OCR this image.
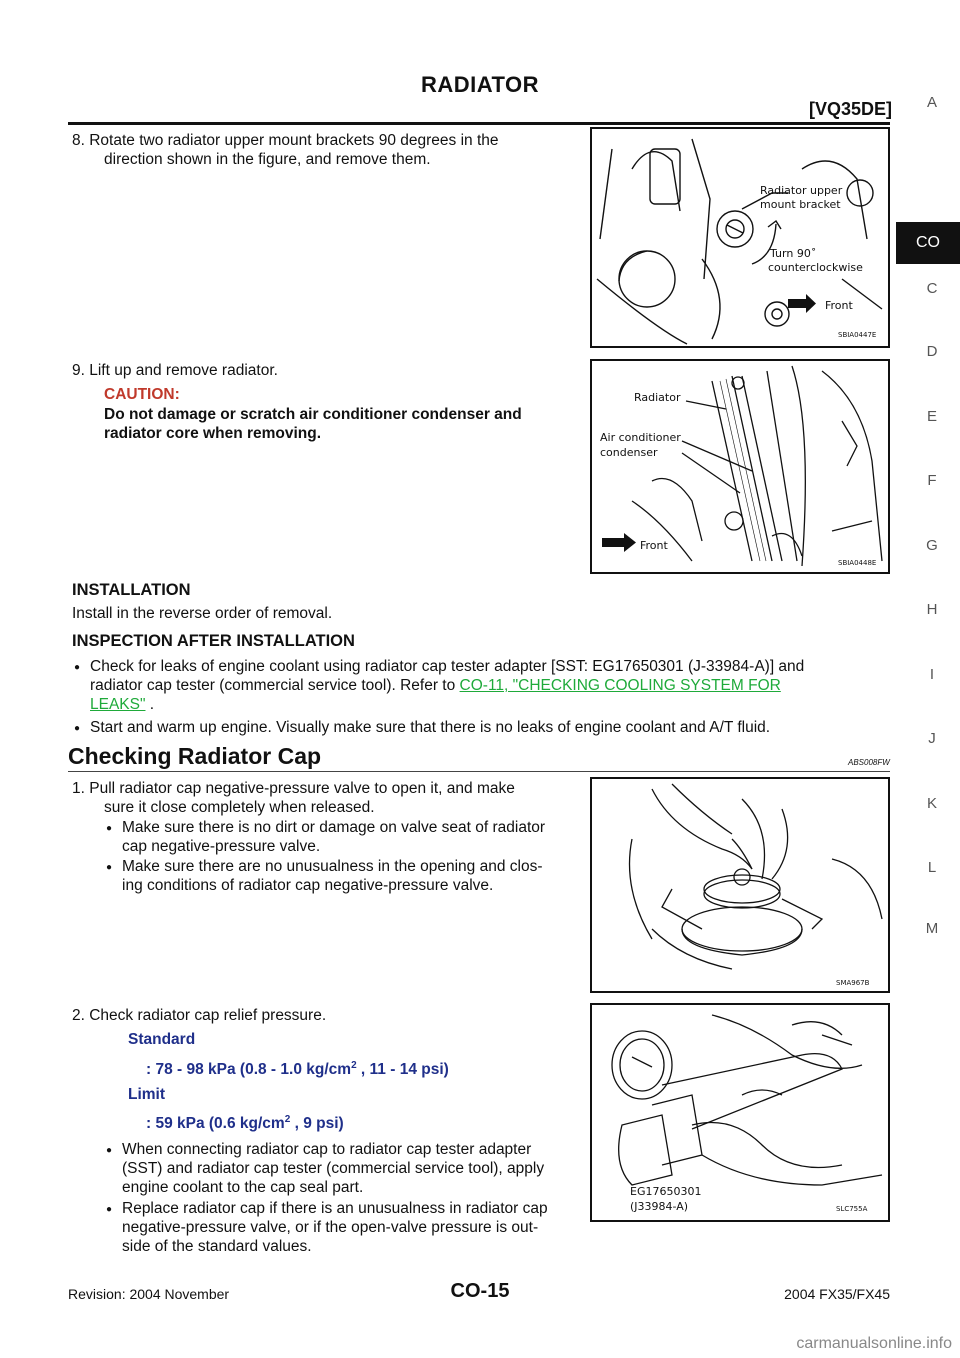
RADIATOR
[VQ35DE]	A
CO
C
D
E
F
G
H
I
J
K
L
M
8. Rotate two radiator upper mount brackets 90 degrees in the
direction shown in the figure, and remove them.
Radiator upper
mount bracket
Turn 90˚
counterclockwise
Front
SBIA0447E
9. Lift up and remove radiator.
CAUTION:
Do not damage or scratch air conditioner condenser and
radiator core when removing.
Radiator
Air conditioner
condenser
Front
SBIA0448E
INSTALLATION
Install in the reverse order of removal.
INSPECTION AFTER INSTALLATION
● Check for leaks of engine coolant using radiator cap tester adapter [SST: EG17650301 (J-33984-A)] and
radiator cap tester (commercial service tool). Refer to CO-11, "CHECKING COOLING SYSTEM FOR
LEAKS" .
● Start and warm up engine. Visually make sure that there is no leaks of engine coolant and A/T fluid.
Checking Radiator Cap	ABS008FW
1. Pull radiator cap negative-pressure valve to open it, and make
sure it close completely when released.
● Make sure there is no dirt or damage on valve seat of radiator
cap negative-pressure valve.
● Make sure there are no unusualness in the opening and clos-
ing conditions of radiator cap negative-pressure valve.
SMA967B
2. Check radiator cap relief pressure.
Standard
: 78 - 98 kPa (0.8 - 1.0 $kg/cm^2$ , 11 - 14 psi)
Limit
: 59 kPa (0.6 $kg/cm^2$ , 9 psi)
● When connecting radiator cap to radiator cap tester adapter
(SST) and radiator cap tester (commercial service tool), apply
engine coolant to the cap seal part.
● Replace radiator cap if there is an unusualness in radiator cap
negative-pressure valve, or if the open-valve pressure is out-
side of the standard values.
EG17650301
(J33984-A)	SLC755A
Revision: 2004 November	CO-15	2004 FX35/FX45
carmanualsonline.info
